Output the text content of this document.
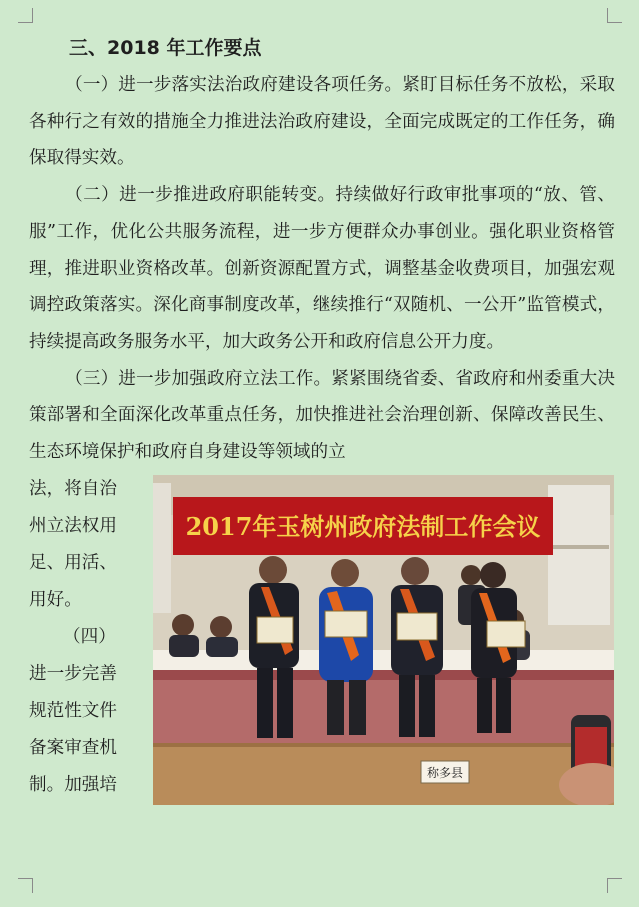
三、2018 年工作要点

（一）进一步落实法治政府建设各项任务。紧盯目标任务不放松，采取各种行之有效的措施全力推进法治政府建设，全面完成既定的工作任务，确保取得实效。

（二）进一步推进政府职能转变。持续做好行政审批事项的“放、管、服”工作，优化公共服务流程，进一步方便群众办事创业。强化职业资格管理，推进职业资格改革。创新资源配置方式，调整基金收费项目，加强宏观调控政策落实。深化商事制度改革，继续推行“双随机、一公开”监管模式，持续提高政务服务水平，加大政务公开和政府信息公开力度。

（三）进一步加强政府立法工作。紧紧围绕省委、省政府和州委重大决策部署和全面深化改革重点任务，加快推进社会治理创新、保障改善民生、生态环境保护和政府自身建设等领域的立

法，将自治

州立法权用

足、用活、

用好。

（四）

进一步完善

规范性文件

备案审查机

制。加强培

2017年玉树州政府法制工作会议
称多县
